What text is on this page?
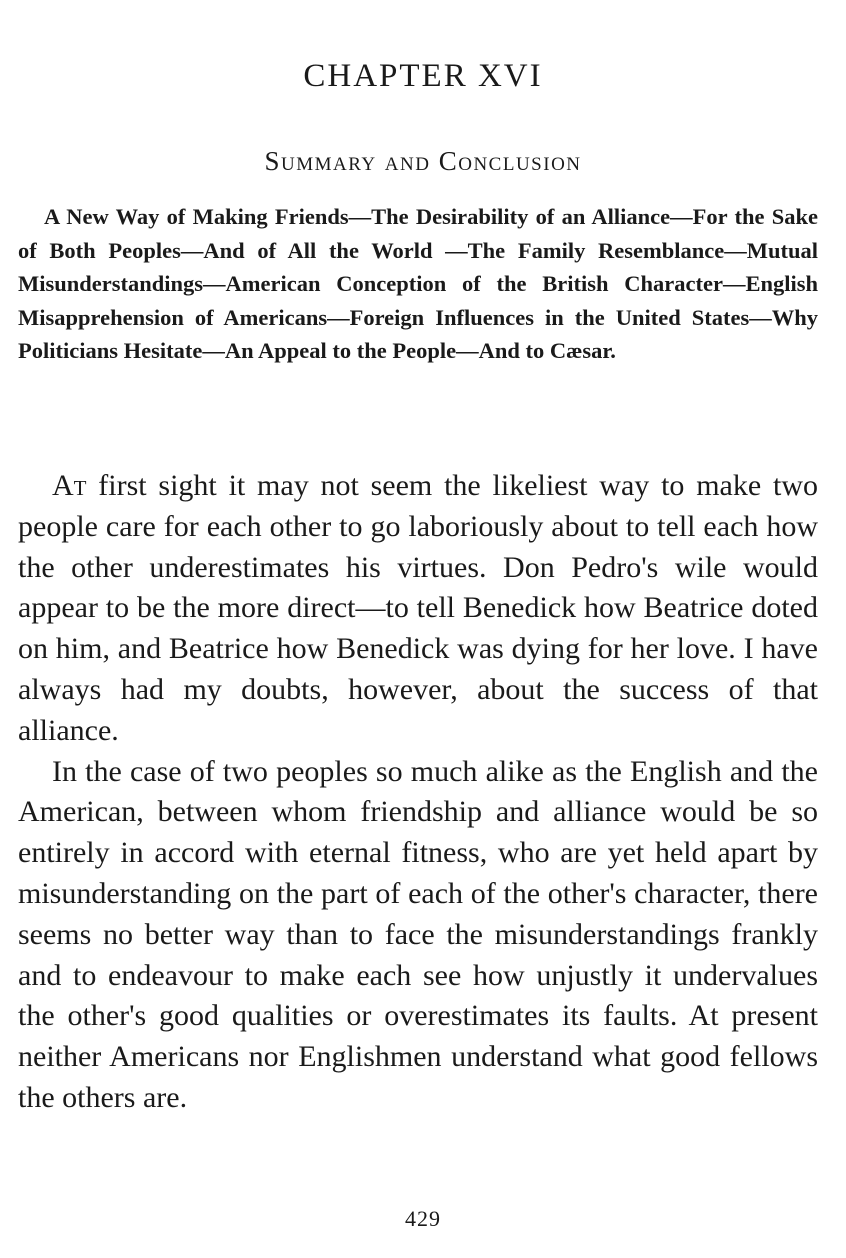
CHAPTER XVI
Summary and Conclusion

A New Way of Making Friends—The Desirability of an Alliance—For the Sake of Both Peoples—And of All the World —The Family Resemblance—Mutual Misunderstandings—American Conception of the British Character—English Misapprehension of Americans—Foreign Influences in the United States—Why Politicians Hesitate—An Appeal to the People—And to Cæsar.

At first sight it may not seem the likeliest way to make two people care for each other to go laboriously about to tell each how the other underestimates his virtues. Don Pedro's wile would appear to be the more direct—to tell Benedick how Beatrice doted on him, and Beatrice how Benedick was dying for her love. I have always had my doubts, however, about the success of that alliance.

In the case of two peoples so much alike as the English and the American, between whom friendship and alliance would be so entirely in accord with eternal fitness, who are yet held apart by misunderstanding on the part of each of the other's character, there seems no better way than to face the misunderstandings frankly and to endeavour to make each see how unjustly it undervalues the other's good qualities or overestimates its faults. At present neither Americans nor Englishmen understand what good fellows the others are.

429
